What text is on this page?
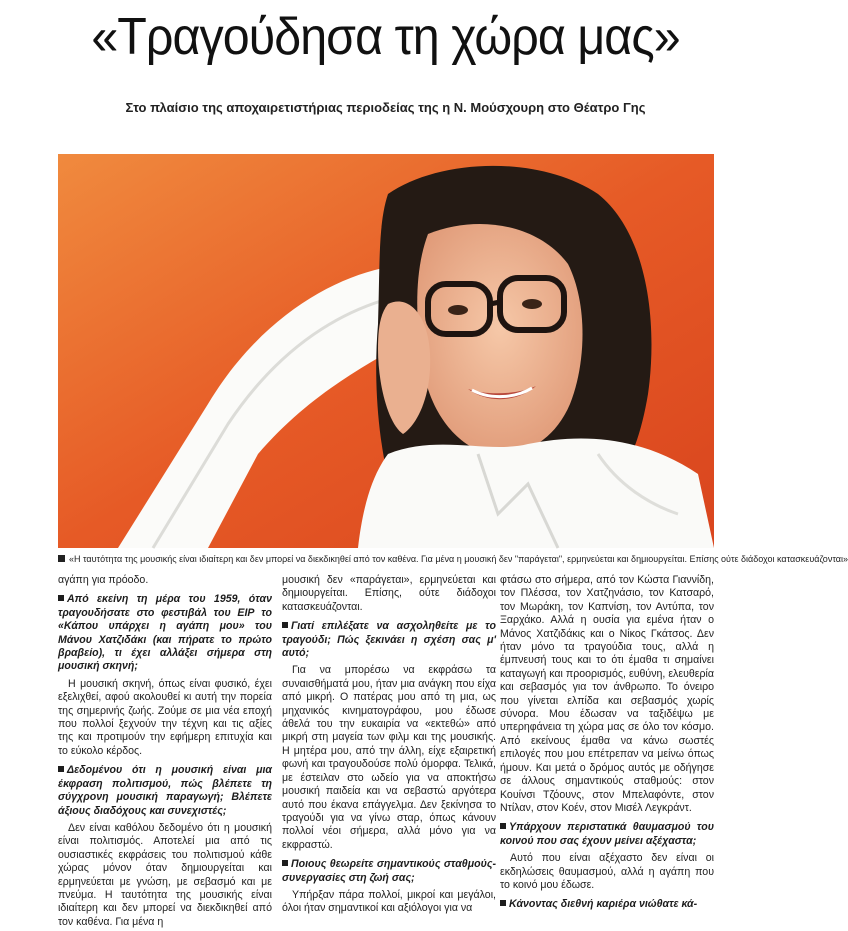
«Τραγούδησα τη χώρα μας»
Στο πλαίσιο της αποχαιρετιστήριας περιοδείας της η Ν. Μούσχουρη στο Θέατρο Γης
«Η ταυτότητα της μουσικής είναι ιδιαίτερη και δεν μπορεί να διεκδικηθεί από τον καθένα. Για μένα η μουσική δεν "παράγεται", ερμηνεύεται και δημιουργείται. Επίσης ούτε διάδοχοι κατασκευάζονται»

αγάπη για πρόοδο.

Από εκείνη τη μέρα του 1959, όταν τραγουδήσατε στο φεστιβάλ του ΕΙΡ το «Κάπου υπάρχει η αγάπη μου» του Μάνου Χατζιδάκι (και πήρατε το πρώτο βραβείο), τι έχει αλλάξει σήμερα στη μουσική σκηνή;

Η μουσική σκηνή, όπως είναι φυσικό, έχει εξελιχθεί, αφού ακολουθεί κι αυτή την πορεία της σημερινής ζωής. Ζούμε σε μια νέα εποχή που πολλοί ξεχνούν την τέχνη και τις αξίες της και προτιμούν την εφήμερη επιτυχία και το εύκολο κέρδος.

Δεδομένου ότι η μουσική είναι μια έκφραση πολιτισμού, πώς βλέπετε τη σύγχρονη μουσική παραγωγή; Βλέπετε άξιους διαδόχους και συνεχιστές;

Δεν είναι καθόλου δεδομένο ότι η μουσική είναι πολιτισμός. Αποτελεί μια από τις ουσιαστικές εκφράσεις του πολιτισμού κάθε χώρας μόνον όταν δημιουργείται και ερμηνεύεται με γνώση, με σεβασμό και με πνεύμα. Η ταυτότητα της μουσικής είναι ιδιαίτερη και δεν μπορεί να διεκδικηθεί από τον καθένα. Για μένα η

μουσική δεν «παράγεται», ερμηνεύεται και δημιουργείται. Επίσης, ούτε διάδοχοι κατασκευάζονται.

Γιατί επιλέξατε να ασχοληθείτε με το τραγούδι; Πώς ξεκινάει η σχέση σας μ' αυτό;

Για να μπορέσω να εκφράσω τα συναισθήματά μου, ήταν μια ανάγκη που είχα από μικρή. Ο πατέρας μου από τη μια, ως μηχανικός κινηματογράφου, μου έδωσε άθελά του την ευκαιρία να «εκτεθώ» από μικρή στη μαγεία των φιλμ και της μουσικής. Η μητέρα μου, από την άλλη, είχε εξαιρετική φωνή και τραγουδούσε πολύ όμορφα. Τελικά, με έστειλαν στο ωδείο για να αποκτήσω μουσική παιδεία και να σεβαστώ αργότερα αυτό που έκανα επάγγελμα. Δεν ξεκίνησα το τραγούδι για να γίνω σταρ, όπως κάνουν πολλοί νέοι σήμερα, αλλά μόνο για να εκφραστώ.

Ποιους θεωρείτε σημαντικούς σταθμούς-συνεργασίες στη ζωή σας;

Υπήρξαν πάρα πολλοί, μικροί και μεγάλοι, όλοι ήταν σημαντικοί και αξιόλογοι για να

φτάσω στο σήμερα, από τον Κώστα Γιαννίδη, τον Πλέσσα, τον Χατζηνάσιο, τον Κατσαρό, τον Μωράκη, τον Καπνίση, τον Αντύπα, τον Ξαρχάκο. Αλλά η ουσία για εμένα ήταν ο Μάνος Χατζιδάκις και ο Νίκος Γκάτσος. Δεν ήταν μόνο τα τραγούδια τους, αλλά η έμπνευσή τους και το ότι έμαθα τι σημαίνει καταγωγή και προορισμός, ευθύνη, ελευθερία και σεβασμός για τον άνθρωπο. Το όνειρο που γίνεται ελπίδα και σεβασμός χωρίς σύνορα. Μου έδωσαν να ταξιδέψω με υπερηφάνεια τη χώρα μας σε όλο τον κόσμο. Από εκείνους έμαθα να κάνω σωστές επιλογές που μου επέτρεπαν να μείνω όπως ήμουν. Και μετά ο δρόμος αυτός με οδήγησε σε άλλους σημαντικούς σταθμούς: στον Κουίνσι Τζόουνς, στον Μπελαφόντε, στον Ντίλαν, στον Κοέν, στον Μισέλ Λεγκράντ.

Υπάρχουν περιστατικά θαυμασμού του κοινού που σας έχουν μείνει αξέχαστα;

Αυτό που είναι αξέχαστο δεν είναι οι εκδηλώσεις θαυμασμού, αλλά η αγάπη που το κοινό μου έδωσε.

Κάνοντας διεθνή καριέρα νιώθατε κά-
